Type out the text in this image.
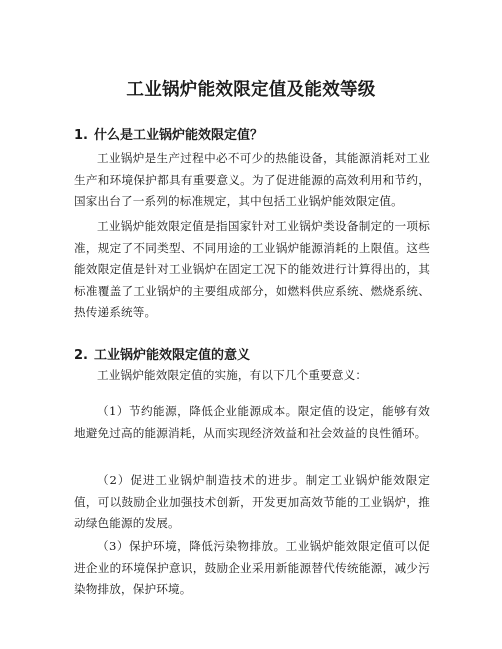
工业锅炉能效限定值及能效等级
1. 什么是工业锅炉能效限定值？

工业锅炉是生产过程中必不可少的热能设备，其能源消耗对工业生产和环境保护都具有重要意义。为了促进能源的高效利用和节约，国家出台了一系列的标准规定，其中包括工业锅炉能效限定值。

工业锅炉能效限定值是指国家针对工业锅炉类设备制定的一项标准，规定了不同类型、不同用途的工业锅炉能源消耗的上限值。这些能效限定值是针对工业锅炉在固定工况下的能效进行计算得出的，其标准覆盖了工业锅炉的主要组成部分，如燃料供应系统、燃烧系统、热传递系统等。

2. 工业锅炉能效限定值的意义

工业锅炉能效限定值的实施，有以下几个重要意义：

（1）节约能源，降低企业能源成本。限定值的设定，能够有效地避免过高的能源消耗，从而实现经济效益和社会效益的良性循环。

（2）促进工业锅炉制造技术的进步。制定工业锅炉能效限定值，可以鼓励企业加强技术创新，开发更加高效节能的工业锅炉，推动绿色能源的发展。

（3）保护环境，降低污染物排放。工业锅炉能效限定值可以促进企业的环境保护意识，鼓励企业采用新能源替代传统能源，减少污染物排放，保护环境。
